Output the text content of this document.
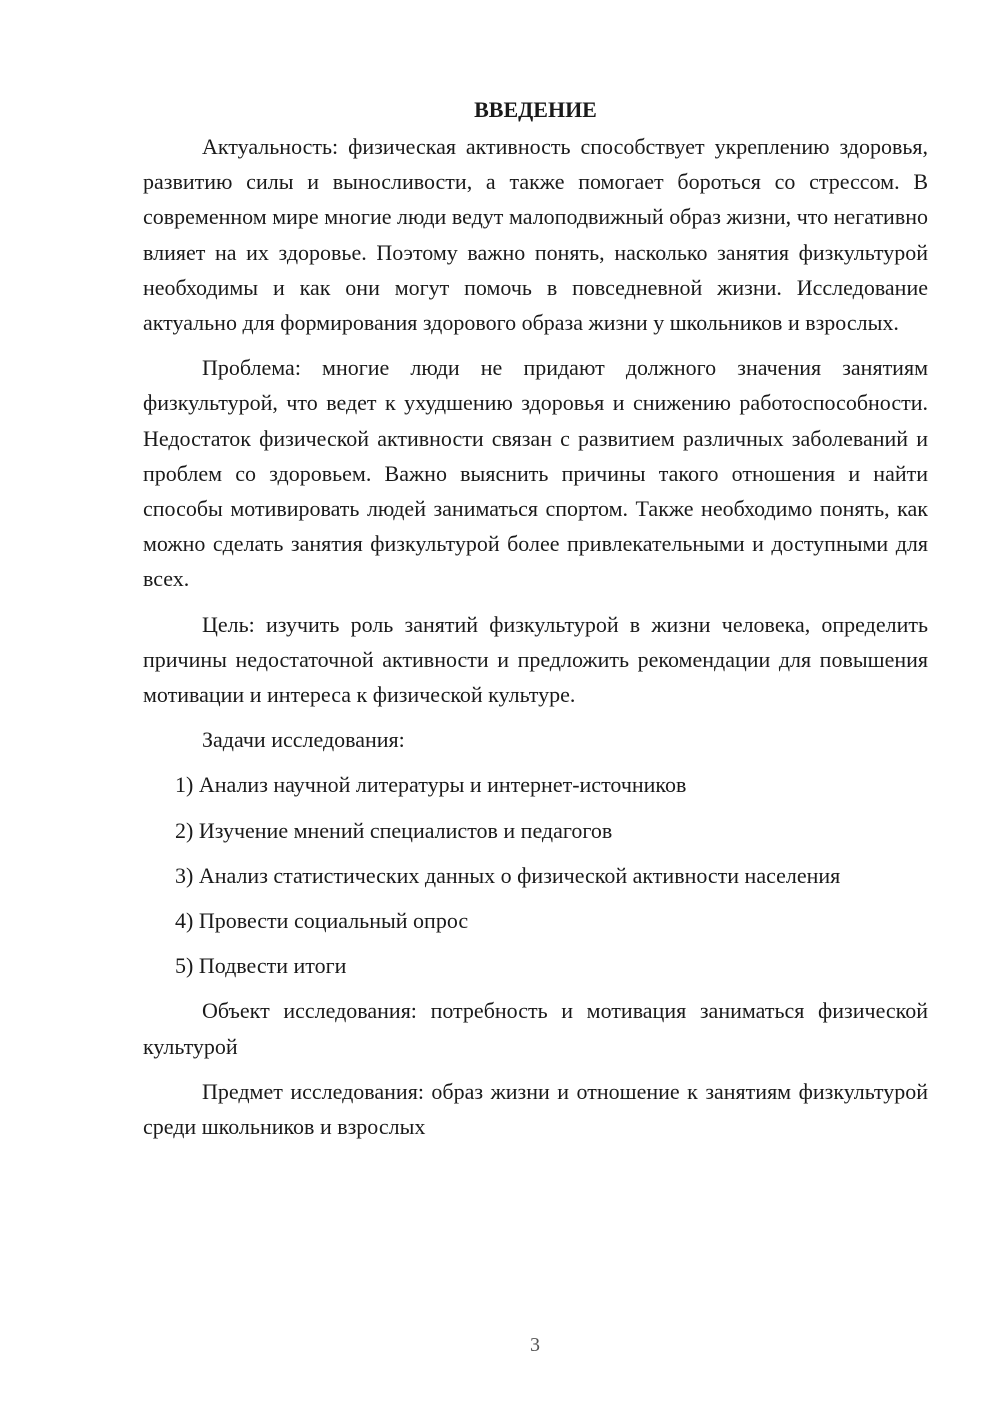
ВВЕДЕНИЕ

Актуальность: физическая активность способствует укреплению здоровья, развитию силы и выносливости, а также помогает бороться со стрессом. В современном мире многие люди ведут малоподвижный образ жизни, что негативно влияет на их здоровье. Поэтому важно понять, насколько занятия физкультурой необходимы и как они могут помочь в повседневной жизни. Исследование актуально для формирования здорового образа жизни у школьников и взрослых.

Проблема: многие люди не придают должного значения занятиям физкультурой, что ведет к ухудшению здоровья и снижению работоспособности. Недостаток физической активности связан с развитием различных заболеваний и проблем со здоровьем. Важно выяснить причины такого отношения и найти способы мотивировать людей заниматься спортом. Также необходимо понять, как можно сделать занятия физкультурой более привлекательными и доступными для всех.

Цель: изучить роль занятий физкультурой в жизни человека, определить причины недостаточной активности и предложить рекомендации для повышения мотивации и интереса к физической культуре.

Задачи исследования:

1) Анализ научной литературы и интернет-источников

2) Изучение мнений специалистов и педагогов

3) Анализ статистических данных о физической активности населения

4) Провести социальный опрос

5) Подвести итоги

Объект исследования: потребность и мотивация заниматься физической культурой

Предмет исследования: образ жизни и отношение к занятиям физкультурой среди школьников и взрослых

3
